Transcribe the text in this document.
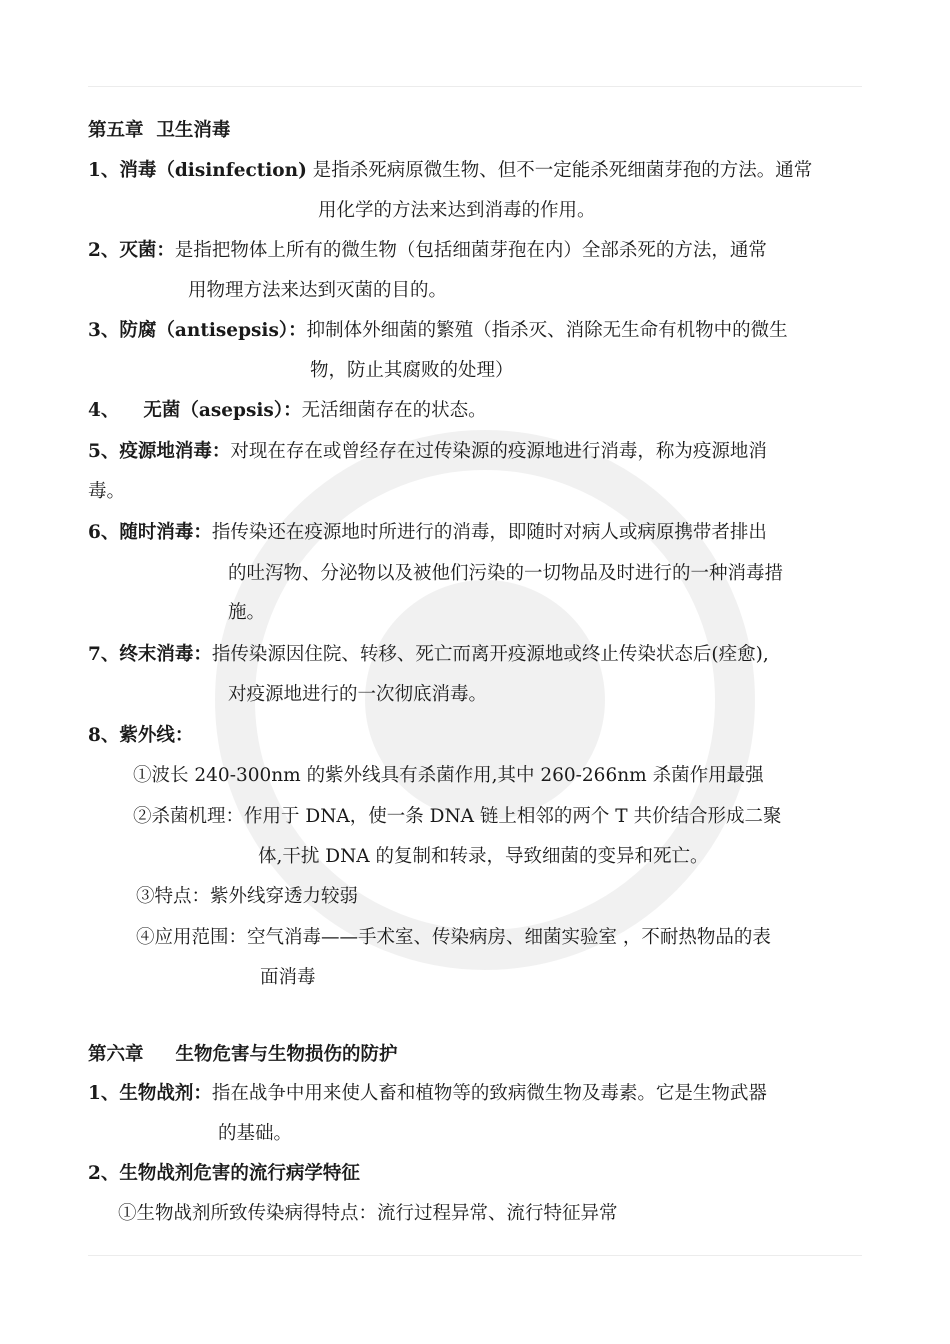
第五章 卫生消毒
1、消毒（disinfection) 是指杀死病原微生物、但不一定能杀死细菌芽孢的方法。通常
用化学的方法来达到消毒的作用。
2、灭菌：是指把物体上所有的微生物（包括细菌芽孢在内）全部杀死的方法，通常
用物理方法来达到灭菌的目的。
3、防腐（antisepsis）：抑制体外细菌的繁殖（指杀灭、消除无生命有机物中的微生
物，防止其腐败的处理）
4、 无菌（asepsis）：无活细菌存在的状态。
5、疫源地消毒：对现在存在或曾经存在过传染源的疫源地进行消毒，称为疫源地消
毒。
6、随时消毒：指传染还在疫源地时所进行的消毒，即随时对病人或病原携带者排出
的吐泻物、分泌物以及被他们污染的一切物品及时进行的一种消毒措
施。
7、终末消毒：指传染源因住院、转移、死亡而离开疫源地或终止传染状态后(痊愈),
对疫源地进行的一次彻底消毒。
8、紫外线：
①波长 240-300nm 的紫外线具有杀菌作用,其中 260-266nm 杀菌作用最强
②杀菌机理：作用于 DNA，使一条 DNA 链上相邻的两个 T 共价结合形成二聚
体,干扰 DNA 的复制和转录，导致细菌的变异和死亡。
③特点：紫外线穿透力较弱
④应用范围：空气消毒——手术室、传染病房、细菌实验室 ，不耐热物品的表
面消毒
第六章 生物危害与生物损伤的防护
1、生物战剂：指在战争中用来使人畜和植物等的致病微生物及毒素。它是生物武器
的基础。
2、生物战剂危害的流行病学特征
①生物战剂所致传染病得特点：流行过程异常、流行特征异常
